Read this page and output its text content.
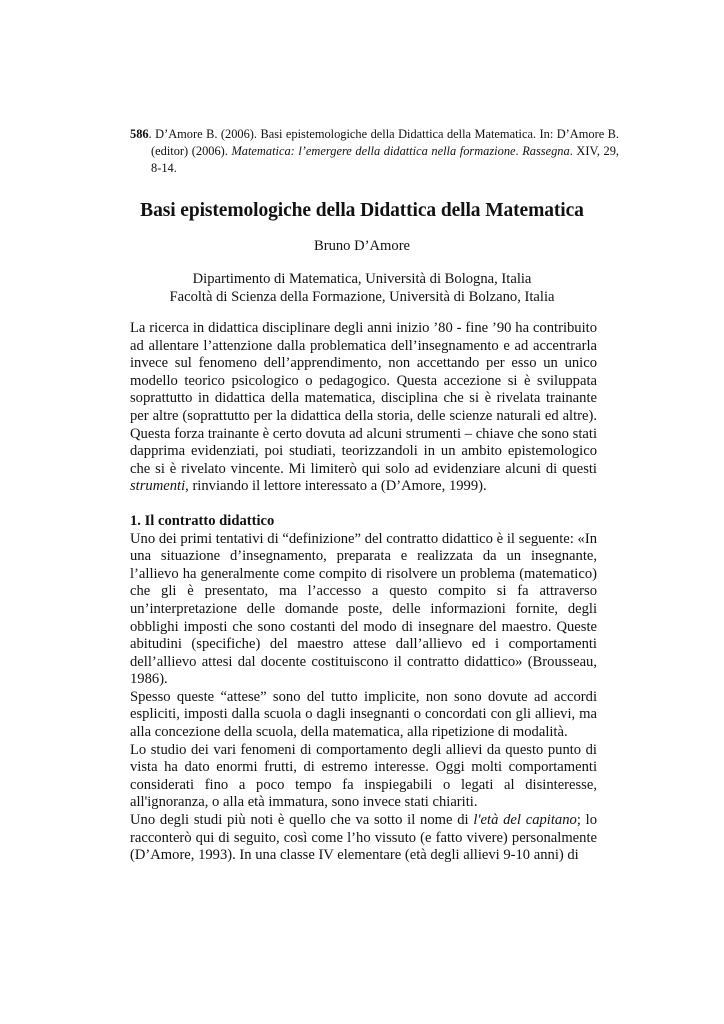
586. D’Amore B. (2006). Basi epistemologiche della Didattica della Matematica. In: D’Amore B. (editor) (2006). Matematica: l’emergere della didattica nella formazione. Rassegna. XIV, 29, 8-14.
Basi epistemologiche della Didattica della Matematica
Bruno D’Amore
Dipartimento di Matematica, Università di Bologna, Italia
Facoltà di Scienza della Formazione, Università di Bolzano, Italia

La ricerca in didattica disciplinare degli anni inizio ’80 - fine ’90 ha contribuito ad allentare l’attenzione dalla problematica dell’insegnamento e ad accentrarla invece sul fenomeno dell’apprendimento, non accettando per esso un unico modello teorico psicologico o pedagogico. Questa accezione si è sviluppata soprattutto in didattica della matematica, disciplina che si è rivelata trainante per altre (soprattutto per la didattica della storia, delle scienze naturali ed altre). Questa forza trainante è certo dovuta ad alcuni strumenti – chiave che sono stati dapprima evidenziati, poi studiati, teorizzandoli in un ambito epistemologico che si è rivelato vincente. Mi limiterò qui solo ad evidenziare alcuni di questi strumenti, rinviando il lettore interessato a (D’Amore, 1999).

1. Il contratto didattico

Uno dei primi tentativi di “definizione” del contratto didattico è il seguente: «In una situazione d’insegnamento, preparata e realizzata da un insegnante, l’allievo ha generalmente come compito di risolvere un problema (matematico) che gli è presentato, ma l’accesso a questo compito si fa attraverso un’interpretazione delle domande poste, delle informazioni fornite, degli obblighi imposti che sono costanti del modo di insegnare del maestro. Queste abitudini (specifiche) del maestro attese dall’allievo ed i comportamenti dell’allievo attesi dal docente costituiscono il contratto didattico» (Brousseau, 1986).

Spesso queste “attese” sono del tutto implicite, non sono dovute ad accordi espliciti, imposti dalla scuola o dagli insegnanti o concordati con gli allievi, ma alla concezione della scuola, della matematica, alla ripetizione di modalità.

Lo studio dei vari fenomeni di comportamento degli allievi da questo punto di vista ha dato enormi frutti, di estremo interesse. Oggi molti comportamenti considerati fino a poco tempo fa inspiegabili o legati al disinteresse, all'ignoranza, o alla età immatura, sono invece stati chiariti.

Uno degli studi più noti è quello che va sotto il nome di l'età del capitano; lo racconterò qui di seguito, così come l’ho vissuto (e fatto vivere) personalmente (D’Amore, 1993). In una classe IV elementare (età degli allievi 9-10 anni) di
